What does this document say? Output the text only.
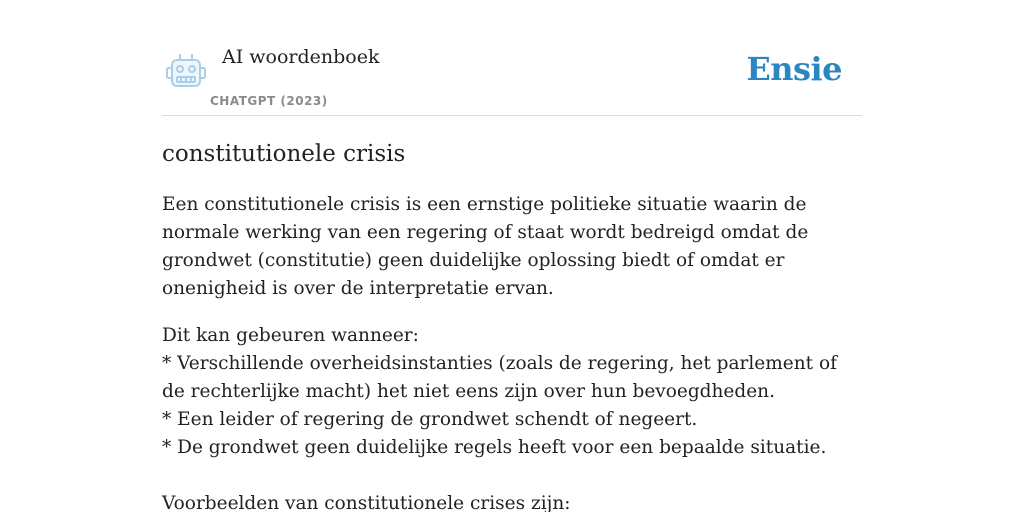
AI woordenboek
CHATGPT (2023)
Ensie
constitutionele crisis

Een constitutionele crisis is een ernstige politieke situatie waarin de normale werking van een regering of staat wordt bedreigd omdat de grondwet (constitutie) geen duidelijke oplossing biedt of omdat er onenigheid is over de interpretatie ervan.

Dit kan gebeuren wanneer:
* Verschillende overheidsinstanties (zoals de regering, het parlement of de rechterlijke macht) het niet eens zijn over hun bevoegdheden.
* Een leider of regering de grondwet schendt of negeert.
* De grondwet geen duidelijke regels heeft voor een bepaalde situatie.

Voorbeelden van constitutionele crises zijn:
